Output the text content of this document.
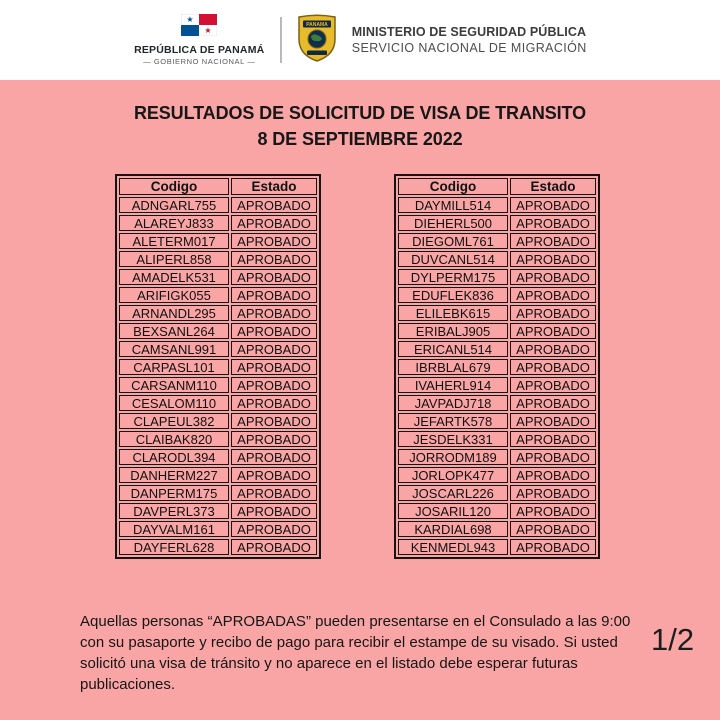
★
★
REPÚBLICA DE PANAMÁ
— GOBIERNO NACIONAL —
PANAMA
MINISTERIO DE SEGURIDAD PÚBLICA
SERVICIO NACIONAL DE MIGRACIÓN
RESULTADOS DE SOLICITUD DE VISA DE TRANSITO
8 DE SEPTIEMBRE 2022
Codigo	Estado
ADNGARL755	APROBADO
ALAREYJ833	APROBADO
ALETERM017	APROBADO
ALIPERL858	APROBADO
AMADELK531	APROBADO
ARIFIGK055	APROBADO
ARNANDL295	APROBADO
BEXSANL264	APROBADO
CAMSANL991	APROBADO
CARPASL101	APROBADO
CARSANM110	APROBADO
CESALOM110	APROBADO
CLAPEUL382	APROBADO
CLAIBAK820	APROBADO
CLARODL394	APROBADO
DANHERM227	APROBADO
DANPERM175	APROBADO
DAVPERL373	APROBADO
DAYVALM161	APROBADO
DAYFERL628	APROBADO
Codigo	Estado
DAYMILL514	APROBADO
DIEHERL500	APROBADO
DIEGOML761	APROBADO
DUVCANL514	APROBADO
DYLPERM175	APROBADO
EDUFLEK836	APROBADO
ELILEBK615	APROBADO
ERIBALJ905	APROBADO
ERICANL514	APROBADO
IBRBLAL679	APROBADO
IVAHERL914	APROBADO
JAVPADJ718	APROBADO
JEFARTK578	APROBADO
JESDELK331	APROBADO
JORRODM189	APROBADO
JORLOPK477	APROBADO
JOSCARL226	APROBADO
JOSARIL120	APROBADO
KARDIAL698	APROBADO
KENMEDL943	APROBADO
Aquellas personas “APROBADAS” pueden presentarse en el Consulado a las 9:00 con su pasaporte y recibo de pago para recibir el estampe de su visado. Si usted solicitó una visa de tránsito y no aparece en el listado debe esperar futuras publicaciones.
1/2
